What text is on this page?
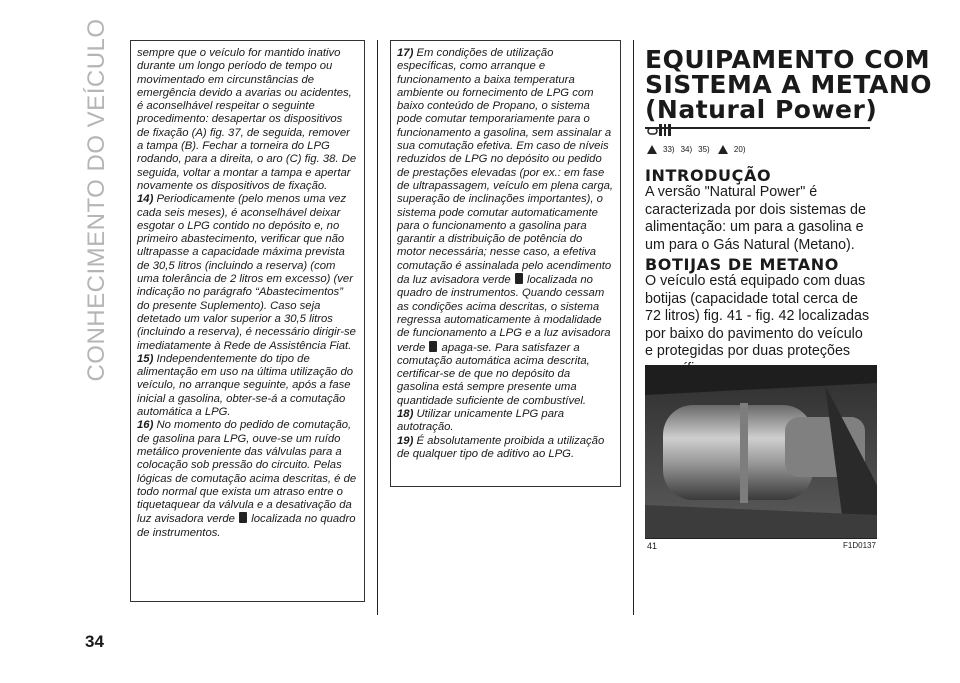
CONHECIMENTO DO VEÍCULO sempre que o veículo for mantido inativo durante um longo período de tempo ou movimentado em circunstâncias de emergência devido a avarias ou acidentes, é aconselhável respeitar o seguinte procedimento: desapertar os dispositivos de fixação (A) fig. 37, de seguida, remover a tampa (B). Fechar a torneira do LPG rodando, para a direita, o aro (C) fig. 38. De seguida, voltar a montar a tampa e apertar novamente os dispositivos de fixação.

14) Periodicamente (pelo menos uma vez cada seis meses), é aconselhável deixar esgotar o LPG contido no depósito e, no primeiro abastecimento, verificar que não ultrapasse a capacidade máxima prevista de 30,5 litros (incluindo a reserva) (com uma tolerância de 2 litros em excesso) (ver indicação no parágrafo “Abastecimentos” do presente Suplemento). Caso seja detetado um valor superior a 30,5 litros (incluindo a reserva), é necessário dirigir-se imediatamente à Rede de Assistência Fiat.

15) Independentemente do tipo de alimentação em uso na última utilização do veículo, no arranque seguinte, após a fase inicial a gasolina, obter-se-á a comutação automática a LPG.

16) No momento do pedido de comutação, de gasolina para LPG, ouve-se um ruído metálico proveniente das válvulas para a colocação sob pressão do circuito. Pelas lógicas de comutação acima descritas, é de todo normal que exista um atraso entre o tiquetaquear da válvula e a desativação da luz avisadora verde localizada no quadro de instrumentos.

17) Em condições de utilização específicas, como arranque e funcionamento a baixa temperatura ambiente ou fornecimento de LPG com baixo conteúdo de Propano, o sistema pode comutar temporariamente para o funcionamento a gasolina, sem assinalar a sua comutação efetiva. Em caso de níveis reduzidos de LPG no depósito ou pedido de prestações elevadas (por ex.: em fase de ultrapassagem, veículo em plena carga, superação de inclinações importantes), o sistema pode comutar automaticamente para o funcionamento a gasolina para garantir a distribuição de potência do motor necessária; nesse caso, a efetiva comutação é assinalada pelo acendimento da luz avisadora verde localizada no quadro de instrumentos. Quando cessam as condições acima descritas, o sistema regressa automaticamente à modalidade de funcionamento a LPG e a luz avisadora verde apaga-se. Para satisfazer a comutação automática acima descrita, certificar-se de que no depósito da gasolina está sempre presente uma quantidade suficiente de combustível.

18) Utilizar unicamente LPG para autotração.

19) É absolutamente proibida a utilização de qualquer tipo de aditivo ao LPG.

34
EQUIPAMENTO COM
SISTEMA A METANO
(Natural Power)
33) 34) 35)	20)
INTRODUÇÃO
A versão "Natural Power" é caracterizada por dois sistemas de alimentação: um para a gasolina e um para o Gás Natural (Metano).
BOTIJAS DE METANO
O veículo está equipado com duas botijas (capacidade total cerca de 72 litros) fig. 41 - fig. 42 localizadas por baixo do pavimento do veículo e protegidas por duas proteções
41	F1D0137
